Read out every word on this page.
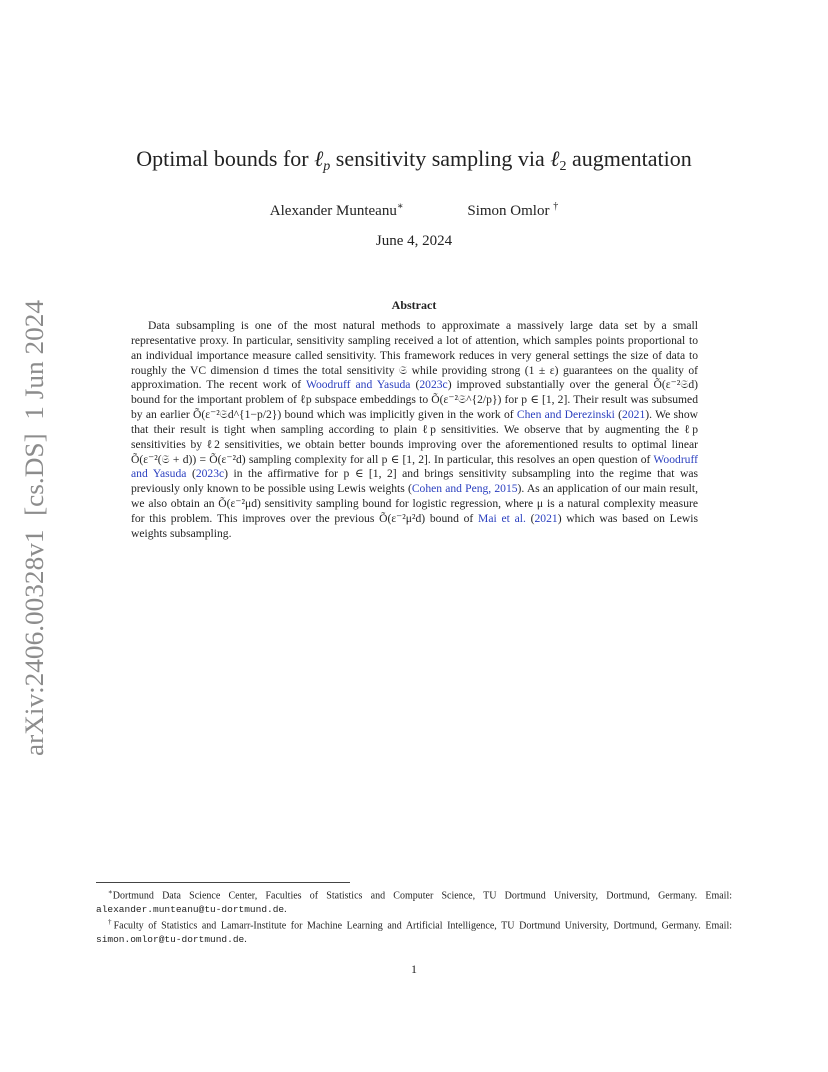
arXiv:2406.00328v1  [cs.DS]  1 Jun 2024
Optimal bounds for ℓ$_p$ sensitivity sampling via ℓ$_2$ augmentation
Alexander Munteanu∗	Simon Omlor †
June 4, 2024
Abstract

Data subsampling is one of the most natural methods to approximate a massively large data set by a small representative proxy. In particular, sensitivity sampling received a lot of attention, which samples points proportional to an individual importance measure called sensitivity. This framework reduces in very general settings the size of data to roughly the VC dimension d times the total sensitivity 𝔖 while providing strong (1 ± ε) guarantees on the quality of approximation. The recent work of Woodruff and Yasuda (2023c) improved substantially over the general Õ(ε⁻²𝔖d) bound for the important problem of ℓp subspace embeddings to Õ(ε⁻²𝔖^{2/p}) for p ∈ [1, 2]. Their result was subsumed by an earlier Õ(ε⁻²𝔖d^{1−p/2}) bound which was implicitly given in the work of Chen and Derezinski (2021). We show that their result is tight when sampling according to plain ℓp sensitivities. We observe that by augmenting the ℓp sensitivities by ℓ2 sensitivities, we obtain better bounds improving over the aforementioned results to optimal linear Õ(ε⁻²(𝔖 + d)) = Õ(ε⁻²d) sampling complexity for all p ∈ [1, 2]. In particular, this resolves an open question of Woodruff and Yasuda (2023c) in the affirmative for p ∈ [1, 2] and brings sensitivity subsampling into the regime that was previously only known to be possible using Lewis weights (Cohen and Peng, 2015). As an application of our main result, we also obtain an Õ(ε⁻²μd) sensitivity sampling bound for logistic regression, where μ is a natural complexity measure for this problem. This improves over the previous Õ(ε⁻²μ²d) bound of Mai et al. (2021) which was based on Lewis weights subsampling.

∗Dortmund Data Science Center, Faculties of Statistics and Computer Science, TU Dortmund University, Dortmund, Germany. Email: alexander.munteanu@tu-dortmund.de.

†Faculty of Statistics and Lamarr-Institute for Machine Learning and Artificial Intelligence, TU Dortmund University, Dortmund, Germany. Email: simon.omlor@tu-dortmund.de.

1
